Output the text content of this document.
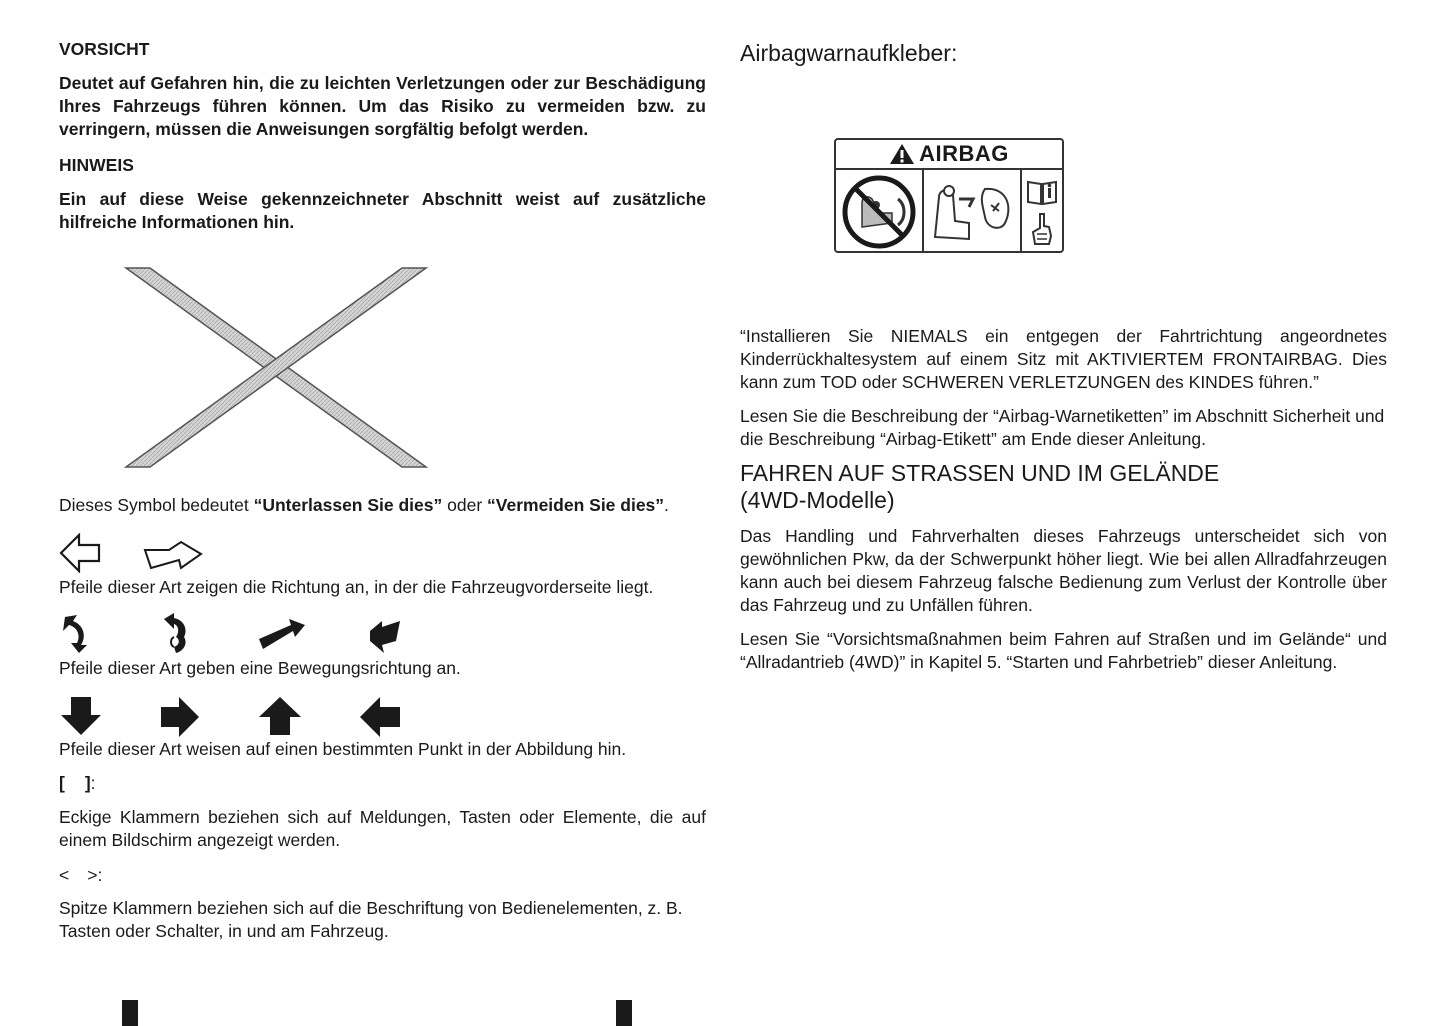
VORSICHT

Deutet auf Gefahren hin, die zu leichten Verletzungen oder zur Beschädigung Ihres Fahrzeugs führen können. Um das Risiko zu vermeiden bzw. zu verringern, müssen die Anweisungen sorgfältig befolgt werden.

HINWEIS

Ein auf diese Weise gekennzeichneter Abschnitt weist auf zusätzliche hilfreiche Informationen hin.

Dieses Symbol bedeutet “Unterlassen Sie dies” oder “Vermeiden Sie dies”.

Pfeile dieser Art zeigen die Richtung an, in der die Fahrzeugvorderseite liegt.

Pfeile dieser Art geben eine Bewegungsrichtung an.

Pfeile dieser Art weisen auf einen bestimmten Punkt in der Abbildung hin.

[ ]:

Eckige Klammern beziehen sich auf Meldungen, Tasten oder Elemente, die auf einem Bildschirm angezeigt werden.

< >:

Spitze Klammern beziehen sich auf die Beschriftung von Bedienelementen, z. B. Tasten oder Schalter, in und am Fahrzeug.

Airbagwarnaufkleber:

AIRBAG

“Installieren Sie NIEMALS ein entgegen der Fahrtrichtung angeordnetes Kinderrückhaltesystem auf einem Sitz mit AKTIVIERTEM FRONTAIRBAG. Dies kann zum TOD oder SCHWEREN VERLETZUNGEN des KINDES führen.”

Lesen Sie die Beschreibung der “Airbag-Warnetiketten” im Abschnitt Sicherheit und die Beschreibung “Airbag-Etikett” am Ende dieser Anleitung.

FAHREN AUF STRASSEN UND IM GELÄNDE
(4WD-Modelle)

Das Handling und Fahrverhalten dieses Fahrzeugs unterscheidet sich von gewöhnlichen Pkw, da der Schwerpunkt höher liegt. Wie bei allen Allradfahrzeugen kann auch bei diesem Fahrzeug falsche Bedienung zum Verlust der Kontrolle über das Fahrzeug und zu Unfällen führen.

Lesen Sie “Vorsichtsmaßnahmen beim Fahren auf Straßen und im Gelände“ und “Allradantrieb (4WD)” in Kapitel 5. “Starten und Fahrbetrieb” dieser Anleitung.
